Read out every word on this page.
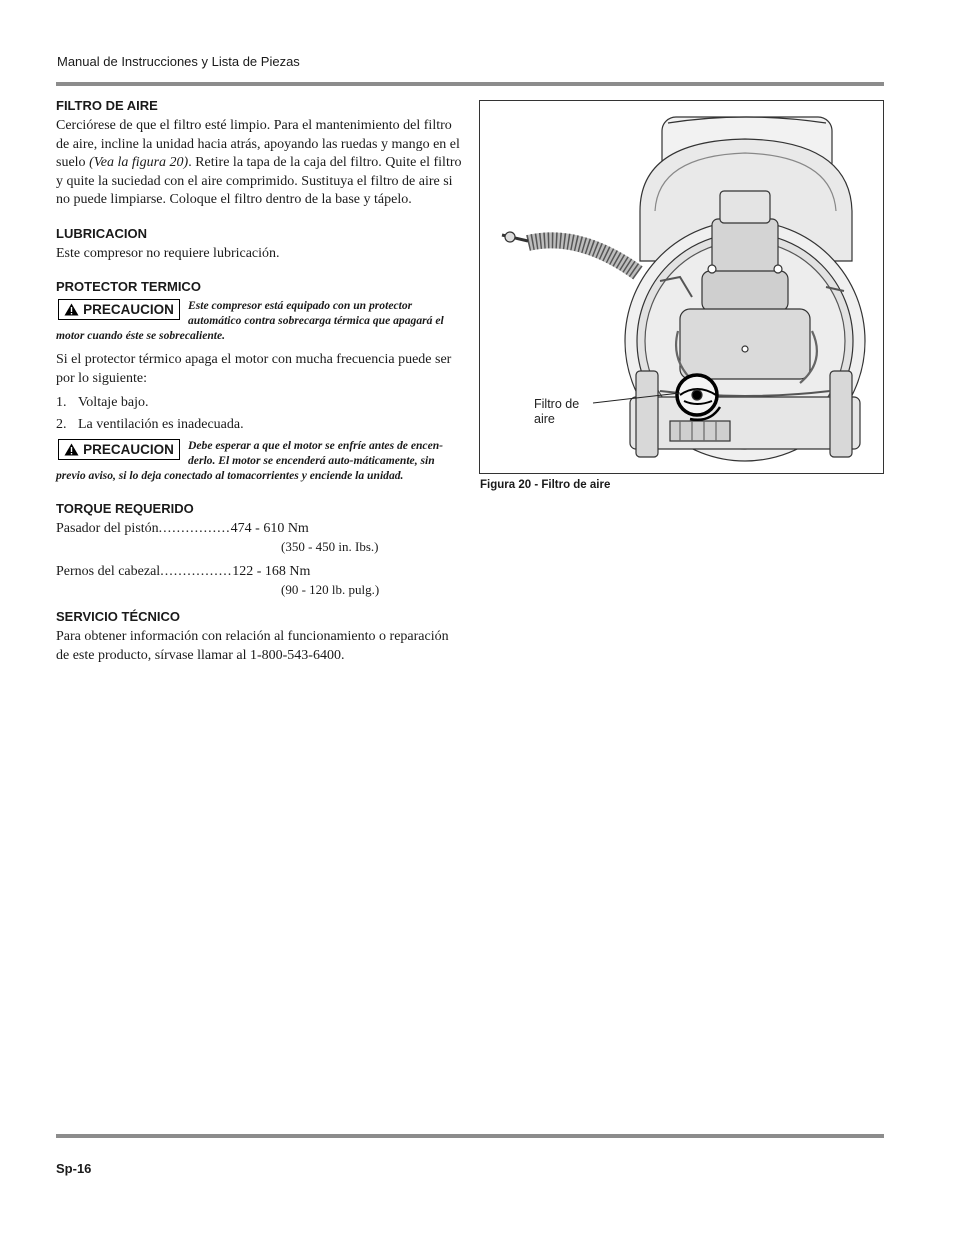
Manual de Instrucciones y Lista de Piezas
FILTRO DE AIRE

Cerciórese de que el filtro esté limpio. Para el mantenimiento del filtro de aire, incline la unidad hacia atrás, apoyando las ruedas y mango en el suelo (Vea la figura 20). Retire la tapa de la caja del filtro. Quite el filtro y quite la suciedad con el aire comprimido. Sustituya el filtro de aire si no puede limpiarse. Coloque el filtro dentro de la base y tápelo.

LUBRICACION

Este compresor no requiere lubricación.

PROTECTOR TERMICO
PRECAUCION Este compresor está equipado con un protector automático contra sobrecarga térmica que apagará el motor cuando éste se sobrecaliente.

Si el protector térmico apaga el motor con mucha frecuencia puede ser por lo siguiente:

1. Voltaje bajo.
2. La ventilación es inadecuada.
PRECAUCION Debe esperar a que el motor se enfríe antes de encen-derlo. El motor se encenderá auto-máticamente, sin previo aviso, si lo deja conectado al tomacorrientes y enciende la unidad.
TORQUE REQUERIDO
Pasador del pistón................474 - 610 Nm
(350 - 450 in. Ibs.)
Pernos del cabezal................122 - 168 Nm
(90 - 120 lb. pulg.)
SERVICIO TÉCNICO

Para obtener información con relación al funcionamiento o reparación de este producto, sírvase llamar al 1-800-543-6400.

Filtro de
aire
Figura 20 - Filtro de aire
Sp-16
